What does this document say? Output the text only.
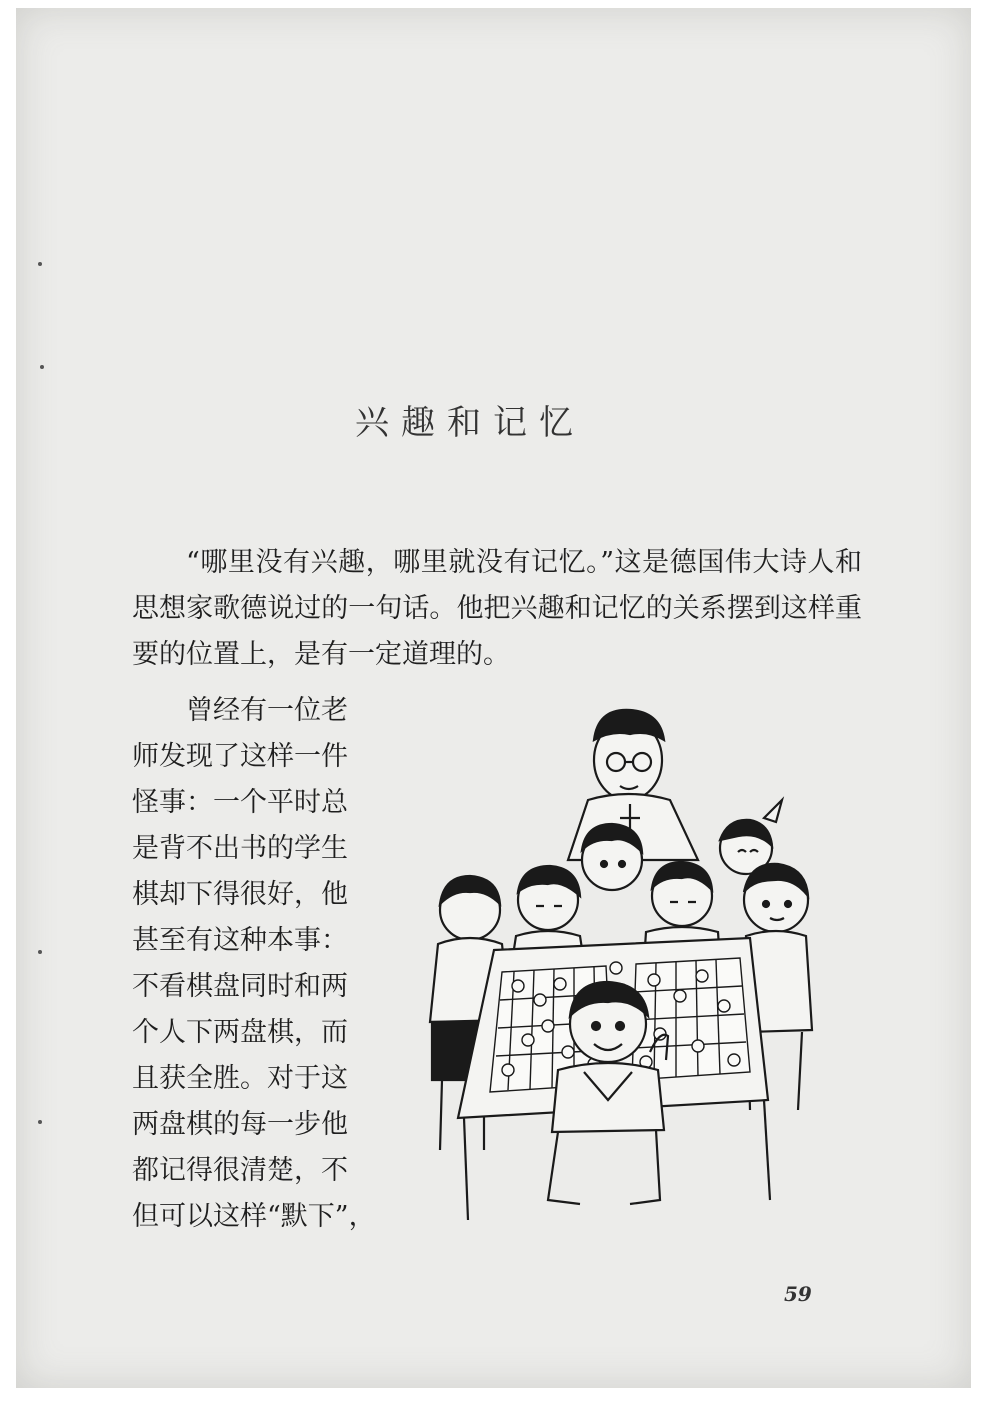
兴趣和记忆
“哪里没有兴趣，哪里就没有记忆。”这是德国伟大诗人和思想家歌德说过的一句话。他把兴趣和记忆的关系摆到这样重要的位置上，是有一定道理的。
曾经有一位老
师发现了这样一件
怪事：一个平时总
是背不出书的学生
棋却下得很好，他
甚至有这种本事：
不看棋盘同时和两
个人下两盘棋，而
且获全胜。对于这
两盘棋的每一步他
都记得很清楚，不
但可以这样“默下”，
59
